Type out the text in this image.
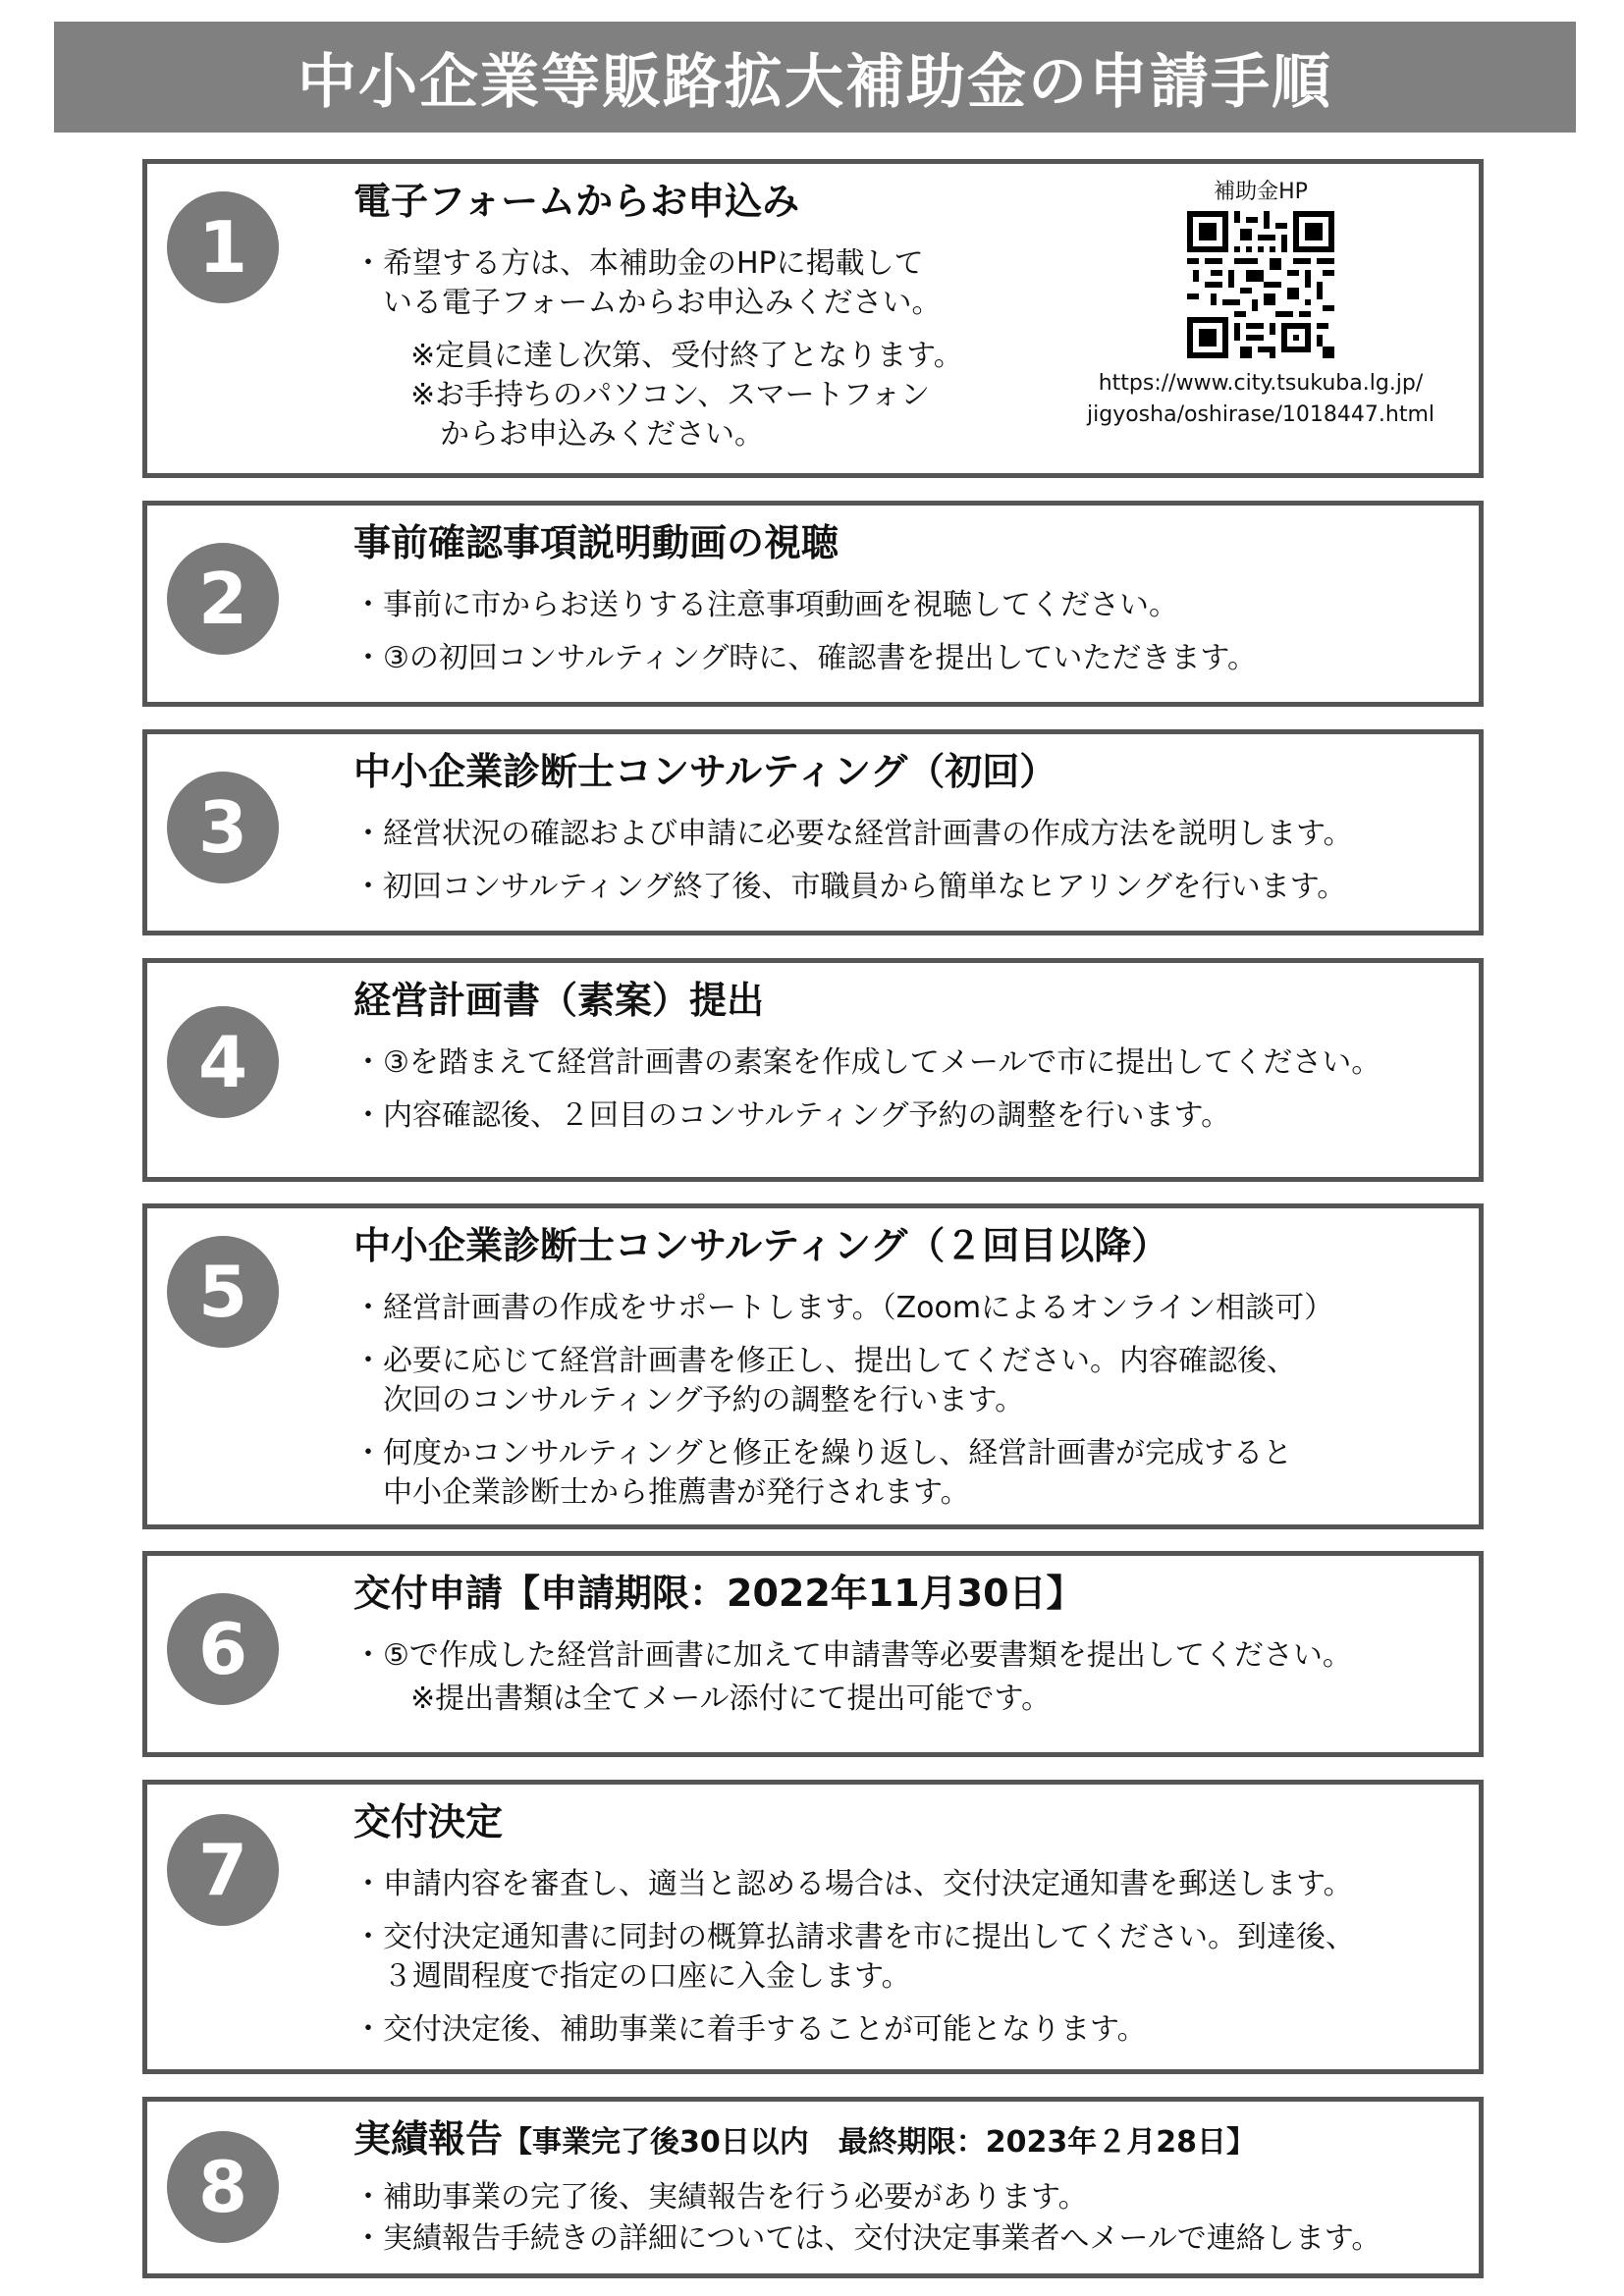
中小企業等販路拡大補助金の申請手順
1
電子フォームからお申込み
・ 希望する方は、本補助金のHPに掲載して
いる電子フォームからお申込みください。
※定員に達し次第、受付終了となります。
※お手持ちのパソコン、スマートフォン
　からお申込みください。
補助金HP
https://www.city.tsukuba.lg.jp/
jigyosha/oshirase/1018447.html
2
事前確認事項説明動画の視聴
・ 事前に市からお送りする注意事項動画を視聴してください。
・ ③の初回コンサルティング時に、確認書を提出していただきます。
3
中小企業診断士コンサルティング（初回）
・ 経営状況の確認および申請に必要な経営計画書の作成方法を説明します。
・ 初回コンサルティング終了後、市職員から簡単なヒアリングを行います。
4
経営計画書（素案）提出
・ ③を踏まえて経営計画書の素案を作成してメールで市に提出してください。
・ 内容確認後、２回目のコンサルティング予約の調整を行います。
5
中小企業診断士コンサルティング（２回目以降）
・ 経営計画書の作成をサポートします。（Zoomによるオンライン相談可）
・ 必要に応じて経営計画書を修正し、提出してください。内容確認後、
次回のコンサルティング予約の調整を行います。
・ 何度かコンサルティングと修正を繰り返し、経営計画書が完成すると
中小企業診断士から推薦書が発行されます。
6
交付申請【申請期限：2022年11月30日】
・ ⑤で作成した経営計画書に加えて申請書等必要書類を提出してください。
※提出書類は全てメール添付にて提出可能です。
7
交付決定
・ 申請内容を審査し、適当と認める場合は、交付決定通知書を郵送します。
・ 交付決定通知書に同封の概算払請求書を市に提出してください。到達後、
３週間程度で指定の口座に入金します。
・ 交付決定後、補助事業に着手することが可能となります。
8
実績報告【事業完了後30日以内　最終期限：2023年２月28日】
・ 補助事業の完了後、実績報告を行う必要があります。
・ 実績報告手続きの詳細については、交付決定事業者へメールで連絡します。
